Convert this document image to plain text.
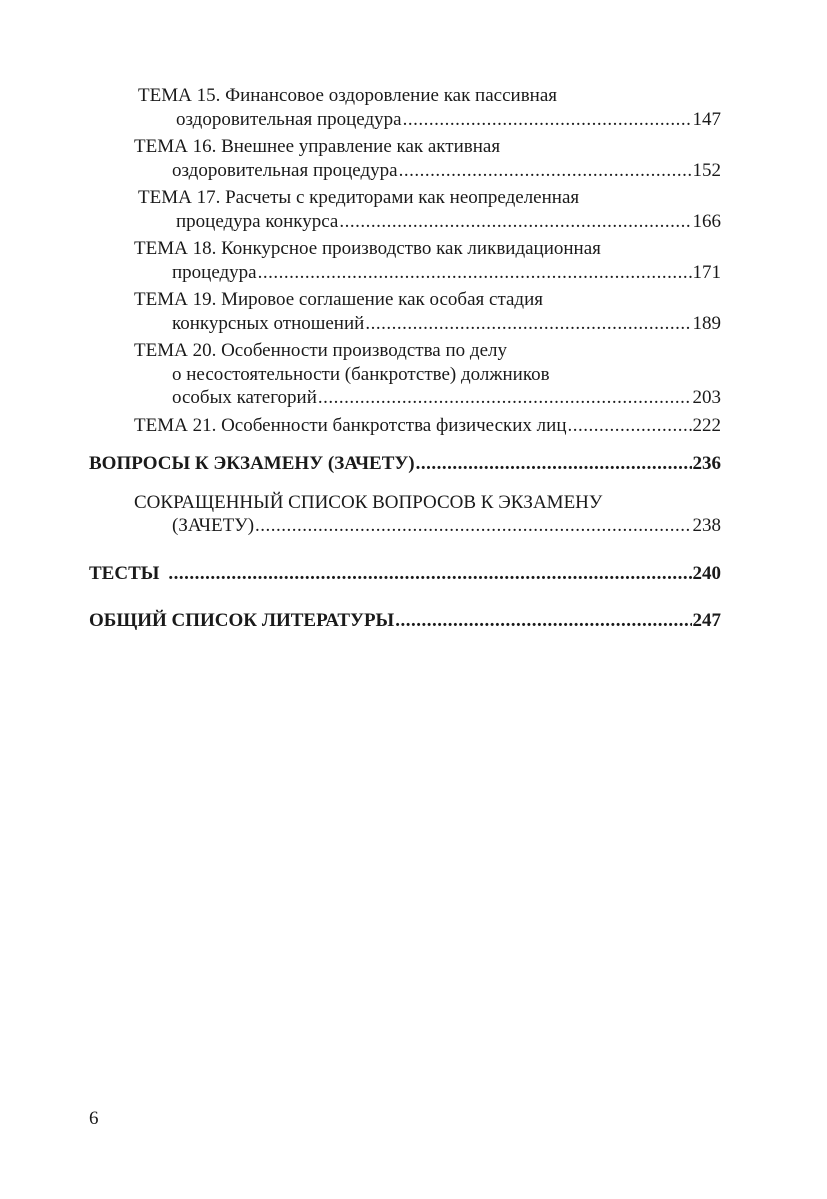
ТЕМА 15. Финансовое оздоровление как пассивная
оздоровительная процедура .....	147
ТЕМА 16. Внешнее управление как активная
оздоровительная процедура .....	152
ТЕМА 17. Расчеты с кредиторами как неопределенная
процедура конкурса .....	166
ТЕМА 18. Конкурсное производство как ликвидационная
процедура .....	171
ТЕМА 19. Мировое соглашение как особая стадия
конкурсных отношений .....	189
ТЕМА 20. Особенности производства по делу
о несостоятельности (банкротстве) должников
особых категорий .....	203
ТЕМА 21. Особенности банкротства физических лиц .....	222
ВОПРОСЫ К ЭКЗАМЕНУ (ЗАЧЕТУ) .....	236
СОКРАЩЕННЫЙ СПИСОК ВОПРОСОВ К ЭКЗАМЕНУ
(ЗАЧЕТУ) .....	238
ТЕСТЫ .....	240
ОБЩИЙ СПИСОК ЛИТЕРАТУРЫ .....	247
6
